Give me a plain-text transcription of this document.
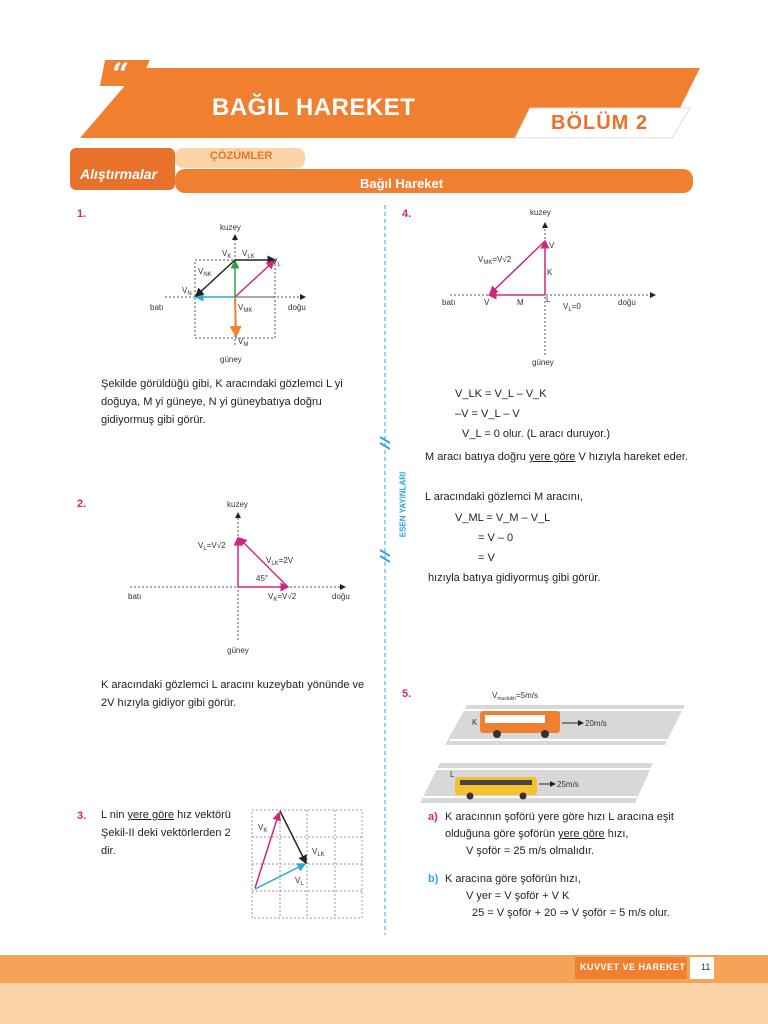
“
BAĞIL HAREKET
BÖLÜM 2
Alıştırmalar
ÇÖZÜMLER
Bağıl Hareket
ESEN YAYINLARI
1.
kuzey
güney
batı	doğu
$V_K$ $V_{LK}$ $V_L$
$V_{NK}$
$V_N$
$V_{MK}$
$V_M$
Şekilde görüldüğü gibi, K aracındaki gözlemci L yi doğuya, M yi güneye, N yi güneybatıya doğru gidiyormuş gibi görür.
2.	kuzey
güney
batı	doğu
$V_L=V√2$
$V_{LK}=2V$
$V_K=V√2$
45°
K aracındaki gözlemci L aracını kuzeybatı yönünde ve 2V hızıyla gidiyor gibi görür.
3. L nin yere göre hız vektörü Şekil-II deki vektörlerden 2 dir.
$V_K$
$V_{LK}$
$V_L$
4.	kuzey
güney
batı	doğu
$V_{MK}=V√2$
V
K
V	M	L
$V_L=0$
V_LK = V_L – V_K
–V = V_L – V
V_L = 0 olur. (L aracı duruyor.)
M aracı batıya doğru yere göre V hızıyla hareket eder.
L aracındaki gözlemci M aracını,
V_ML = V_M – V_L
= V – 0
= V
hızıyla batıya gidiyormuş gibi görür.
5.	$V_{muslukh}=5m/s$
K	20m/s
L
25m/s
a) K aracınnın şoförü yere göre hızı L aracına eşit
olduğuna göre şoförün yere göre hızı,
V şoför = 25 m/s olmalıdır.
b) K aracına göre şoförün hızı,
V yer = V şoför + V K
25 = V şoför + 20 ⇒ V şoför = 5 m/s olur.
KUVVET VE HAREKET 11
